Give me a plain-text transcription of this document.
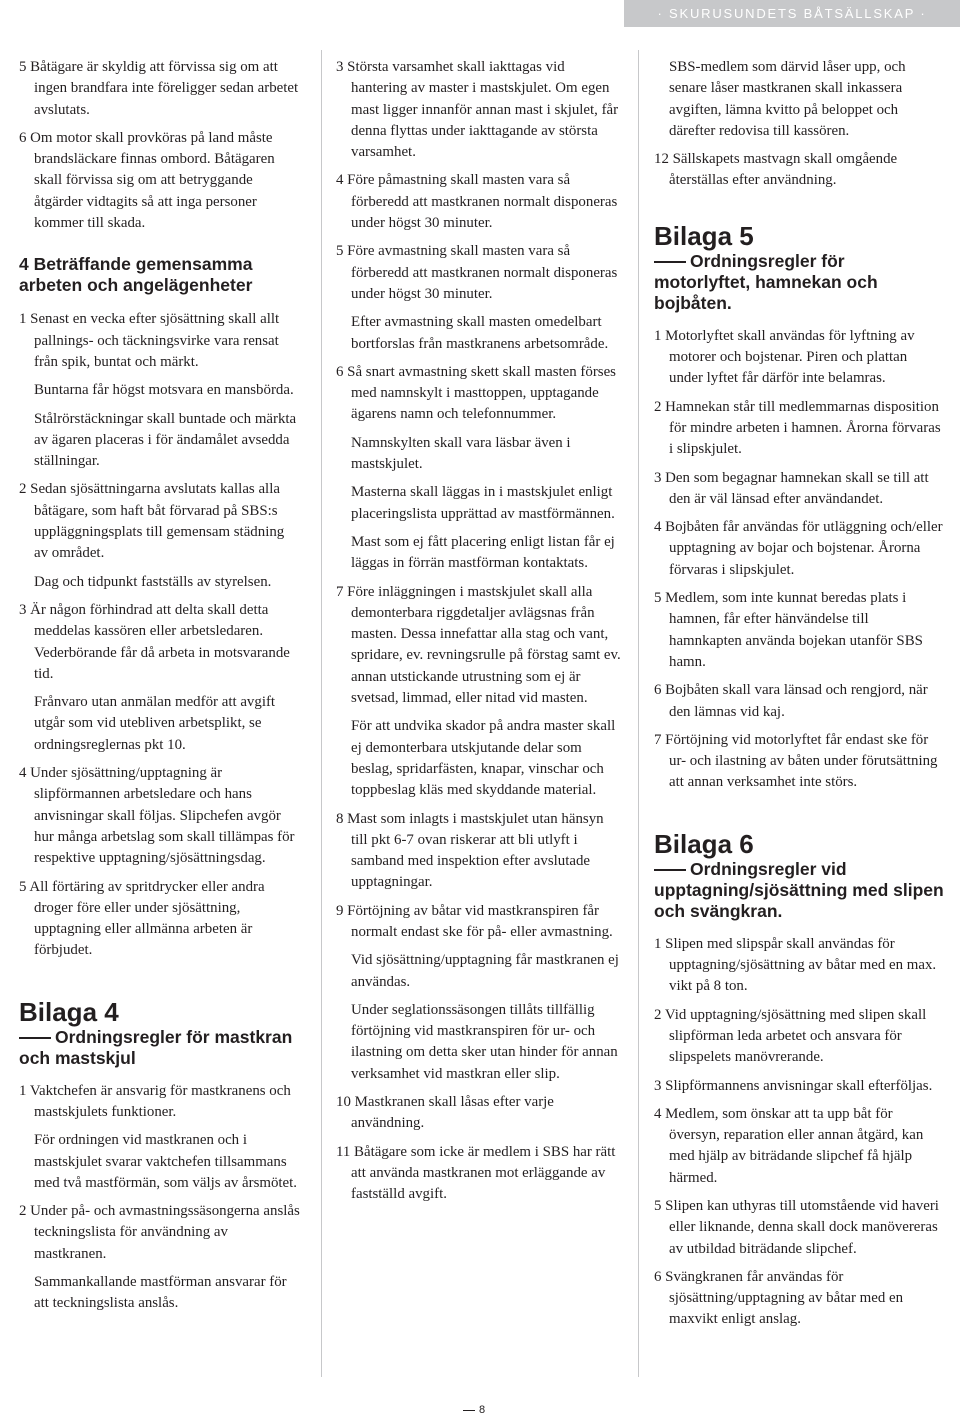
· SKURUSUNDETS BÅTSÄLLSKAP ·

5 Båtägare är skyldig att förvissa sig om att ingen brandfara inte föreligger sedan arbetet avslutats.

6 Om motor skall provköras på land måste brandsläckare finnas ombord. Båtägaren skall förvissa sig om att betryggande åtgärder vidtagits så att inga personer kommer till skada.

4 Beträffande gemensamma arbeten och angelägenheter

1 Senast en vecka efter sjösättning skall allt pallnings- och täckningsvirke vara rensat från spik, buntat och märkt.

Buntarna får högst motsvara en mansbörda.

Stålrörstäckningar skall buntade och märkta av ägaren placeras i för ändamålet avsedda ställningar.

2 Sedan sjösättningarna avslutats kallas alla båtägare, som haft båt förvarad på SBS:s uppläggningsplats till gemensam städning av området.

Dag och tidpunkt fastställs av styrelsen.

3 Är någon förhindrad att delta skall detta meddelas kassören eller arbetsledaren. Vederbörande får då arbeta in motsvarande tid.

Frånvaro utan anmälan medför att avgift utgår som vid utebliven arbetsplikt, se ordningsreglernas pkt 10.

4 Under sjösättning/upptagning är slipförmannen arbetsledare och hans anvisningar skall följas. Slipchefen avgör hur många arbetslag som skall tillämpas för respektive upptagning/sjösättningsdag.

5 All förtäring av spritdrycker eller andra droger före eller under sjösättning, upptagning eller allmänna arbeten är förbjudet.

Bilaga 4
Ordningsregler för mastkran och mastskjul

1 Vaktchefen är ansvarig för mastkranens och mastskjulets funktioner.

För ordningen vid mastkranen och i mastskjulet svarar vaktchefen tillsammans med två mastförmän, som väljs av årsmötet.

2 Under på- och avmastningssäsongerna anslås teckningslista för användning av mastkranen.

Sammankallande mastförman ansvarar för att teckningslista anslås.

3 Största varsamhet skall iakttagas vid hantering av master i mastskjulet. Om egen mast ligger innanför annan mast i skjulet, får denna flyttas under iakttagande av största varsamhet.

4 Före påmastning skall masten vara så förberedd att mastkranen normalt disponeras under högst 30 minuter.

5 Före avmastning skall masten vara så förberedd att mastkranen normalt disponeras under högst 30 minuter.

Efter avmastning skall masten omedelbart bortforslas från mastkranens arbetsområde.

6 Så snart avmastning skett skall masten förses med namnskylt i masttoppen, upptagande ägarens namn och telefonnummer.

Namnskylten skall vara läsbar även i mastskjulet.

Masterna skall läggas in i mastskjulet enligt placeringslista upprättad av mastförmännen.

Mast som ej fått placering enligt listan får ej läggas in förrän mastförman kontaktats.

7 Före inläggningen i mastskjulet skall alla demonterbara riggdetaljer avlägsnas från masten. Dessa innefattar alla stag och vant, spridare, ev. revningsrulle på förstag samt ev. annan utstickande utrustning som ej är svetsad, limmad, eller nitad vid masten.

För att undvika skador på andra master skall ej demonterbara utskjutande delar som beslag, spridarfästen, knapar, vinschar och toppbeslag kläs med skyddande material.

8 Mast som inlagts i mastskjulet utan hänsyn till pkt 6-7 ovan riskerar att bli utlyft i samband med inspektion efter avslutade upptagningar.

9 Förtöjning av båtar vid mastkranspiren får normalt endast ske för på- eller avmastning.

Vid sjösättning/upptagning får mastkranen ej användas.

Under seglationssäsongen tillåts tillfällig förtöjning vid mastkranspiren för ur- och ilastning om detta sker utan hinder för annan verksamhet vid mastkran eller slip.

10 Mastkranen skall låsas efter varje användning.

11 Båtägare som icke är medlem i SBS har rätt att använda mastkranen mot erläggande av fastställd avgift.

SBS-medlem som därvid låser upp, och senare låser mastkranen skall inkassera avgiften, lämna kvitto på beloppet och därefter redovisa till kassören.

12 Sällskapets mastvagn skall omgående återställas efter användning.

Bilaga 5
Ordningsregler för motorlyftet, hamnekan och bojbåten.

1 Motorlyftet skall användas för lyftning av motorer och bojstenar. Piren och plattan under lyftet får därför inte belamras.

2 Hamnekan står till medlemmarnas disposition för mindre arbeten i hamnen. Årorna förvaras i slipskjulet.

3 Den som begagnar hamnekan skall se till att den är väl länsad efter användandet.

4 Bojbåten får användas för utläggning och/eller upptagning av bojar och bojstenar. Årorna förvaras i slipskjulet.

5 Medlem, som inte kunnat beredas plats i hamnen, får efter hänvändelse till hamnkapten använda bojekan utanför SBS hamn.

6 Bojbåten skall vara länsad och rengjord, när den lämnas vid kaj.

7 Förtöjning vid motorlyftet får endast ske för ur- och ilastning av båten under förutsättning att annan verksamhet inte störs.

Bilaga 6
Ordningsregler vid upptagning/sjösättning med slipen och svängkran.

1 Slipen med slipspår skall användas för upptagning/sjösättning av båtar med en max. vikt på 8 ton.

2 Vid upptagning/sjösättning med slipen skall slipförman leda arbetet och ansvara för slipspelets manövrerande.

3 Slipförmannens anvisningar skall efterföljas.

4 Medlem, som önskar att ta upp båt för översyn, reparation eller annan åtgärd, kan med hjälp av biträdande slipchef få hjälp härmed.

5 Slipen kan uthyras till utomstående vid haveri eller liknande, denna skall dock manövereras av utbildad biträdande slipchef.

6 Svängkranen får användas för sjösättning/upptagning av båtar med en maxvikt enligt anslag.

8
